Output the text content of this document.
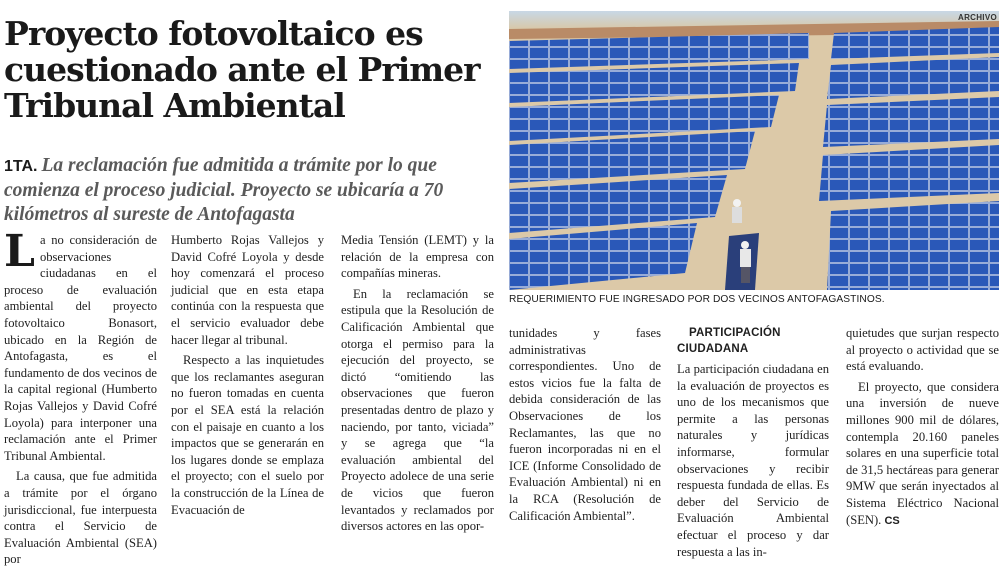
Proyecto fotovoltaico es cuestionado ante el Primer Tribunal Ambiental

1TA. La reclamación fue admitida a trámite por lo que comienza el proceso judicial. Proyecto se ubicaría a 70 kilómetros al sureste de Antofagasta

La no consideración de observaciones ciudadanas en el proceso de evaluación ambiental del proyecto fotovoltaico Bonasort, ubicado en la Región de Antofagasta, es el fundamento de dos vecinos de la capital regional (Humberto Rojas Vallejos y David Cofré Loyola) para interponer una reclamación ante el Primer Tribunal Ambiental.

La causa, que fue admitida a trámite por el órgano jurisdiccional, fue interpuesta contra el Servicio de Evaluación Ambiental (SEA) por

Humberto Rojas Vallejos y David Cofré Loyola y desde hoy comenzará el proceso judicial que en esta etapa continúa con la respuesta que el servicio evaluador debe hacer llegar al tribunal.

Respecto a las inquietudes que los reclamantes aseguran no fueron tomadas en cuenta por el SEA está la relación con el paisaje en cuanto a los impactos que se generarán en los lugares donde se emplaza el proyecto; con el suelo por la construcción de la Línea de Evacuación de

Media Tensión (LEMT) y la relación de la empresa con compañías mineras.

En la reclamación se estipula que la Resolución de Calificación Ambiental que otorga el permiso para la ejecución del proyecto, se dictó “omitiendo las observaciones que fueron presentadas dentro de plazo y naciendo, por tanto, viciada” y se agrega que “la evaluación ambiental del Proyecto adolece de una serie de vicios que fueron levantados y reclamados por diversos actores en las opor-

ARCHIVO
REQUERIMIENTO FUE INGRESADO POR DOS VECINOS ANTOFAGASTINOS.

tunidades y fases administrativas correspondientes. Uno de estos vicios fue la falta de debida consideración de las Observaciones de los Reclamantes, las que no fueron incorporadas ni en el ICE (Informe Consolidado de Evaluación Ambiental) ni en la RCA (Resolución de Calificación Ambiental”.

PARTICIPACIÓN CIUDADANA

La participación ciudadana en la evaluación de proyectos es uno de los mecanismos que permite a las personas naturales y jurídicas informarse, formular observaciones y recibir respuesta fundada de ellas. Es deber del Servicio de Evaluación Ambiental efectuar el proceso y dar respuesta a las in-

quietudes que surjan respecto al proyecto o actividad que se está evaluando.

El proyecto, que considera una inversión de nueve millones 900 mil de dólares, contempla 20.160 paneles solares en una superficie total de 31,5 hectáreas para generar 9MW que serán inyectados al Sistema Eléctrico Nacional (SEN). CS
